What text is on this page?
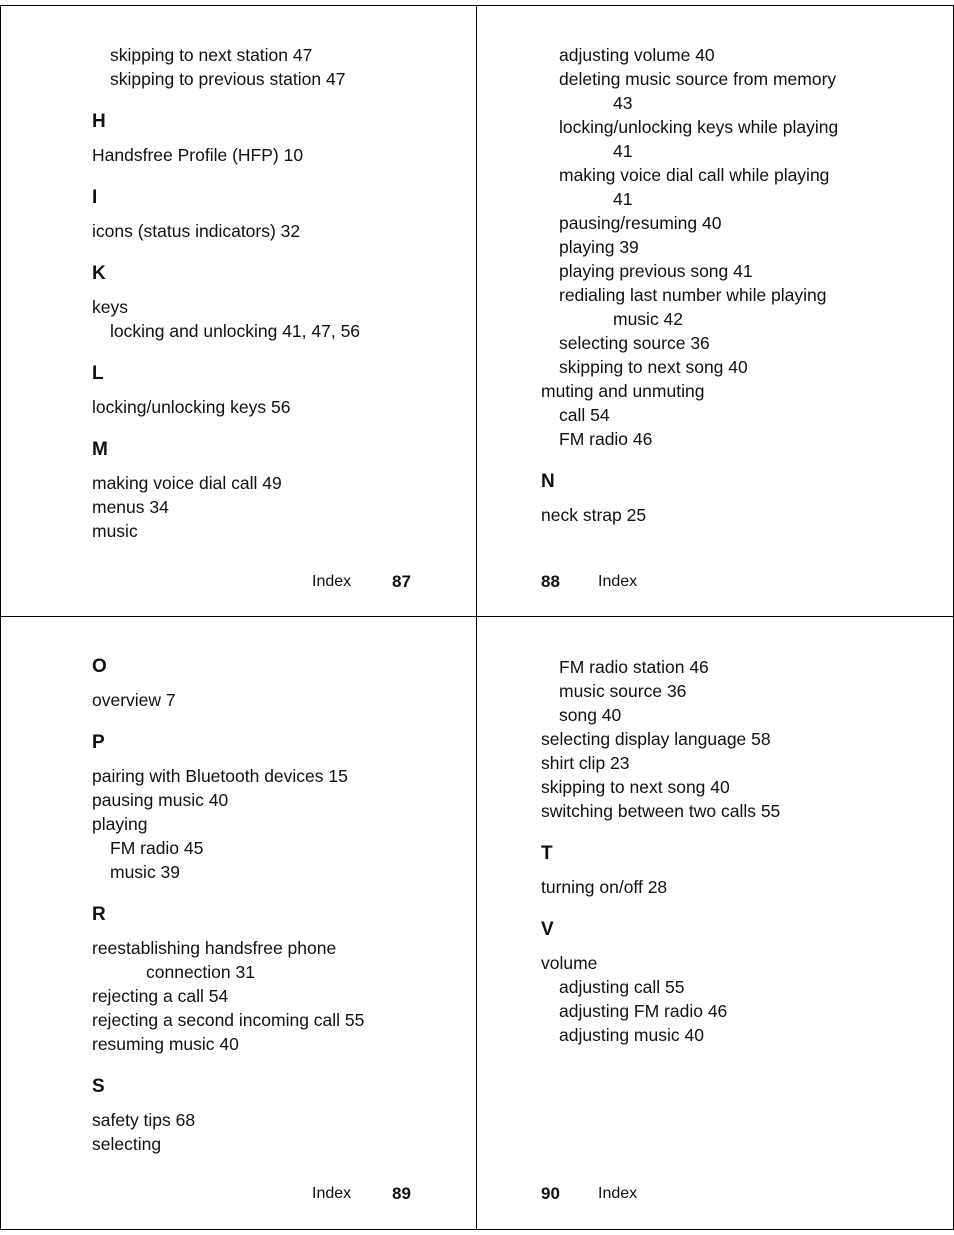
skipping to next station 47
skipping to previous station 47
H
Handsfree Profile (HFP) 10
I
icons (status indicators) 32
K
keys
locking and unlocking 41, 47, 56
L
locking/unlocking keys 56
M
making voice dial call 49
menus 34
music
Index 87
adjusting volume 40
deleting music source from memory
43
locking/unlocking keys while playing
41
making voice dial call while playing
41
pausing/resuming 40
playing 39
playing previous song 41
redialing last number while playing
music 42
selecting source 36
skipping to next song 40
muting and unmuting
call 54
FM radio 46
N
neck strap 25
88 Index
O
overview 7
P
pairing with Bluetooth devices 15
pausing music 40
playing
FM radio 45
music 39
R
reestablishing handsfree phone
connection 31
rejecting a call 54
rejecting a second incoming call 55
resuming music 40
S
safety tips 68
selecting
Index 89
FM radio station 46
music source 36
song 40
selecting display language 58
shirt clip 23
skipping to next song 40
switching between two calls 55
T
turning on/off 28
V
volume
adjusting call 55
adjusting FM radio 46
adjusting music 40
90 Index
